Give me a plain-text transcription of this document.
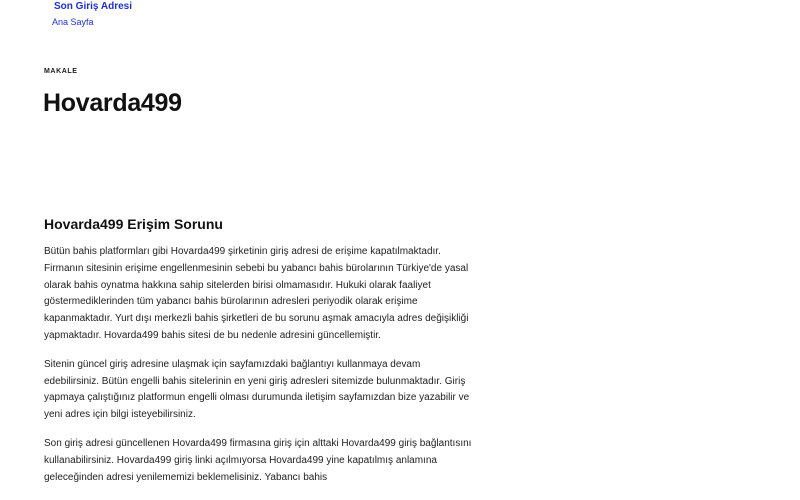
Son Giriş Adresi
Ana Sayfa
MAKALE
Hovarda499
Hovarda499 Erişim Sorunu

Bütün bahis platformları gibi Hovarda499 şirketinin giriş adresi de erişime kapatılmaktadır. Firmanın sitesinin erişime engellenmesinin sebebi bu yabancı bahis bürolarının Türkiye'de yasal olarak bahis oynatma hakkına sahip sitelerden birisi olmamasıdır. Hukuki olarak faaliyet göstermediklerinden tüm yabancı bahis bürolarının adresleri periyodik olarak erişime kapanmaktadır. Yurt dışı merkezli bahis şirketleri de bu sorunu aşmak amacıyla adres değişikliği yapmaktadır. Hovarda499 bahis sitesi de bu nedenle adresini güncellemiştir.

Sitenin güncel giriş adresine ulaşmak için sayfamızdaki bağlantıyı kullanmaya devam edebilirsiniz. Bütün engelli bahis sitelerinin en yeni giriş adresleri sitemizde bulunmaktadır. Giriş yapmaya çalıştığınız platformun engelli olması durumunda iletişim sayfamızdan bize yazabilir ve yeni adres için bilgi isteyebilirsiniz.

Son giriş adresi güncellenen Hovarda499 firmasına giriş için alttaki Hovarda499 giriş bağlantısını kullanabilirsiniz. Hovarda499 giriş linki açılmıyorsa Hovarda499 yine kapatılmış anlamına geleceğinden adresi yenilememizi beklemelisiniz. Yabancı bahis
